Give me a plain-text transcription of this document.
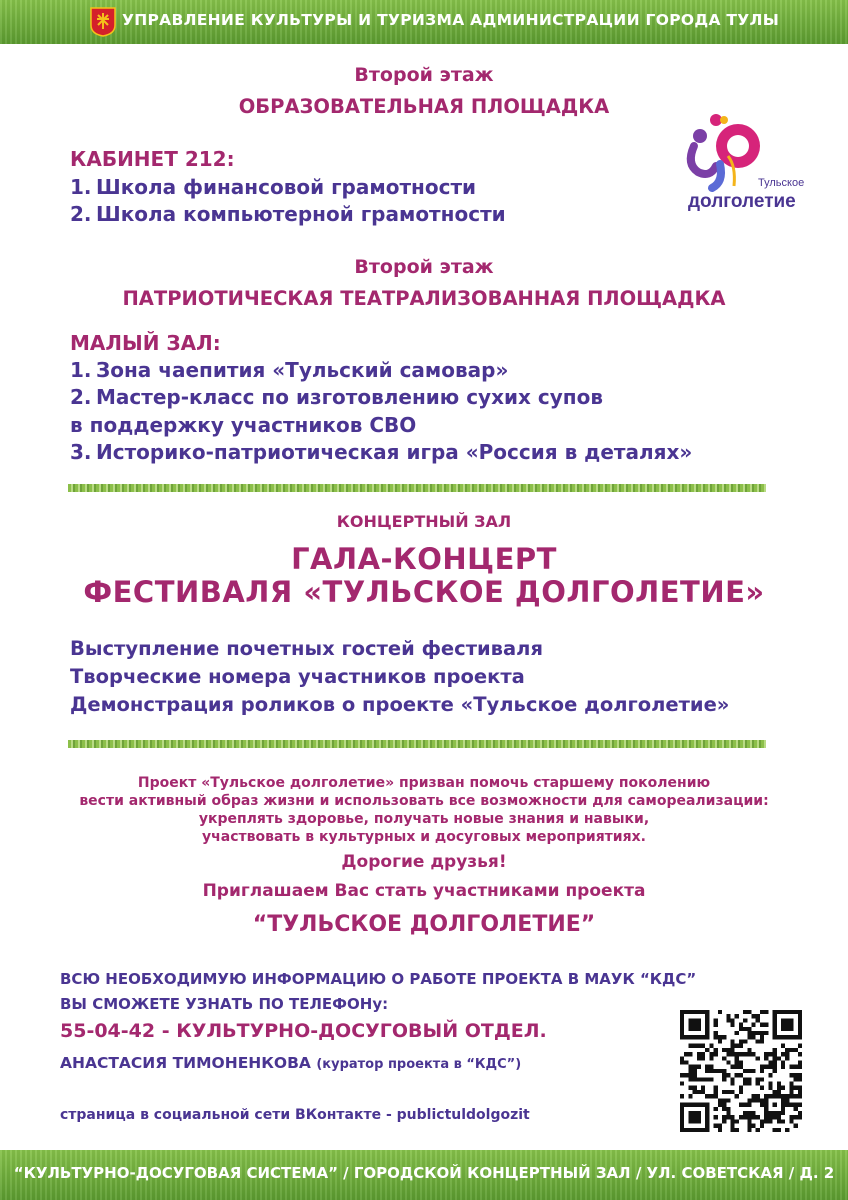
УПРАВЛЕНИЕ КУЛЬТУРЫ И ТУРИЗМА АДМИНИСТРАЦИИ ГОРОДА ТУЛЫ
Тульское
долголетие
Второй этаж
ОБРАЗОВАТЕЛЬНАЯ ПЛОЩАДКА
КАБИНЕТ 212:
1. Школа финансовой грамотности
2. Школа компьютерной грамотности
Второй этаж
ПАТРИОТИЧЕСКАЯ ТЕАТРАЛИЗОВАННАЯ ПЛОЩАДКА
МАЛЫЙ ЗАЛ:
1. Зона чаепития «Тульский самовар»
2. Мастер-класс по изготовлению сухих супов
в поддержку участников СВО
3. Историко-патриотическая игра «Россия в деталях»
КОНЦЕРТНЫЙ ЗАЛ
ГАЛА-КОНЦЕРТ
ФЕСТИВАЛЯ «ТУЛЬСКОЕ ДОЛГОЛЕТИЕ»
Выступление почетных гостей фестиваля
Творческие номера участников проекта
Демонстрация роликов о проекте «Тульское долголетие»
Проект «Тульское долголетие» призван помочь старшему поколению
вести активный образ жизни и использовать все возможности для самореализации:
укреплять здоровье, получать новые знания и навыки,
участвовать в культурных и досуговых мероприятиях.
Дорогие друзья!
Приглашаем Вас стать участниками проекта
“ТУЛЬСКОЕ ДОЛГОЛЕТИЕ”
ВСЮ НЕОБХОДИМУЮ ИНФОРМАЦИЮ О РАБОТЕ ПРОЕКТА В МАУК “КДС”
ВЫ СМОЖЕТЕ УЗНАТЬ ПО ТЕЛЕФОНу:
55-04-42 - КУЛЬТУРНО-ДОСУГОВЫЙ ОТДЕЛ.
АНАСТАСИЯ ТИМОНЕНКОВА (куратор проекта в “КДС”)
страница в социальной сети ВКонтакте - publictuldolgozit
“КУЛЬТУРНО-ДОСУГОВАЯ СИСТЕМА” / ГОРОДСКОЙ КОНЦЕРТНЫЙ ЗАЛ / УЛ. СОВЕТСКАЯ / Д. 2
